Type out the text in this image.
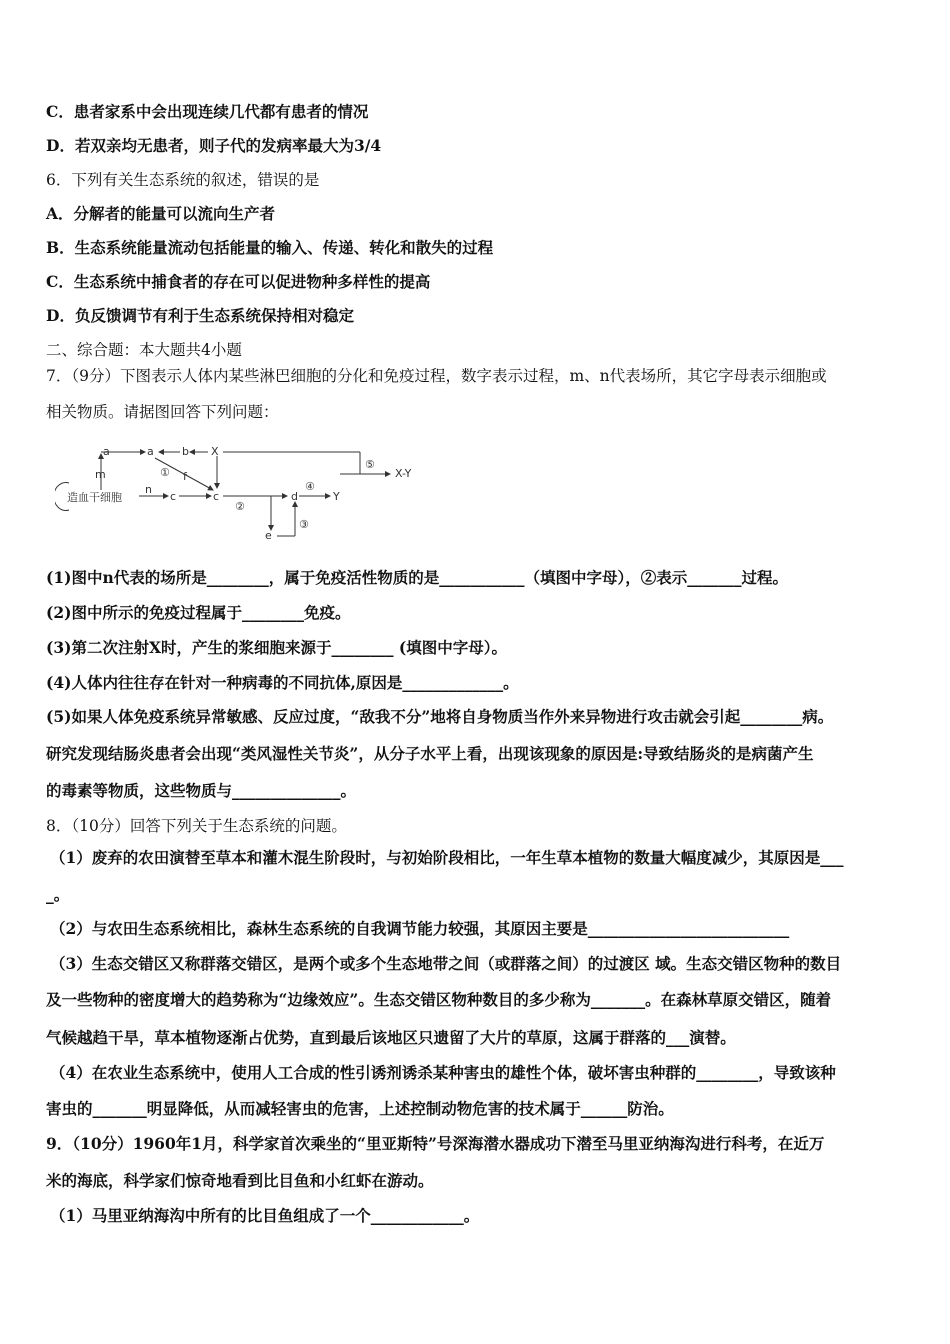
C．患者家系中会出现连续几代都有患者的情况
D．若双亲均无患者，则子代的发病率最大为3/4
6．下列有关生态系统的叙述，错误的是
A．分解者的能量可以流向生产者
B．生态系统能量流动包括能量的输入、传递、转化和散失的过程
C．生态系统中捕食者的存在可以促进物种多样性的提高
D．负反馈调节有利于生态系统保持相对稳定
二、综合题：本大题共4小题
7．（9分）下图表示人体内某些淋巴细胞的分化和免疫过程，数字表示过程，m、n代表场所，其它字母表示细胞或
相关物质。请据图回答下列问题：
造血干细胞
m
a	a	b X
① f
n
c	c
②
④
d	Y
⑤
X-Y
e
③
(1)图中n代表的场所是________，属于免疫活性物质的是___________（填图中字母），②表示_______过程。
(2)图中所示的免疫过程属于________免疫。
(3)第二次注射X时，产生的浆细胞来源于________ (填图中字母）。
(4)人体内往往存在针对一种病毒的不同抗体,原因是_____________。
(5)如果人体免疫系统异常敏感、反应过度，“敌我不分”地将自身物质当作外来异物进行攻击就会引起________病。
研究发现结肠炎患者会出现“类风湿性关节炎”，从分子水平上看，出现该现象的原因是:导致结肠炎的是病菌产生
的毒素等物质，这些物质与______________。
8．（10分）回答下列关于生态系统的问题。
（1）废弃的农田演替至草本和灌木混生阶段时，与初始阶段相比，一年生草本植物的数量大幅度减少，其原因是___
_。
（2）与农田生态系统相比，森林生态系统的自我调节能力较强，其原因主要是__________________________
（3）生态交错区又称群落交错区，是两个或多个生态地带之间（或群落之间）的过渡区 域。生态交错区物种的数目
及一些物种的密度增大的趋势称为“边缘效应”。生态交错区物种数目的多少称为_______。在森林草原交错区，随着
气候越趋干旱，草本植物逐渐占优势，直到最后该地区只遗留了大片的草原，这属于群落的___演替。
（4）在农业生态系统中，使用人工合成的性引诱剂诱杀某种害虫的雄性个体，破坏害虫种群的________，导致该种
害虫的_______明显降低，从而减轻害虫的危害，上述控制动物危害的技术属于______防治。
9．（10分）1960年1月，科学家首次乘坐的“里亚斯特”号深海潜水器成功下潜至马里亚纳海沟进行科考，在近万
米的海底，科学家们惊奇地看到比目鱼和小红虾在游动。
（1）马里亚纳海沟中所有的比目鱼组成了一个____________。
